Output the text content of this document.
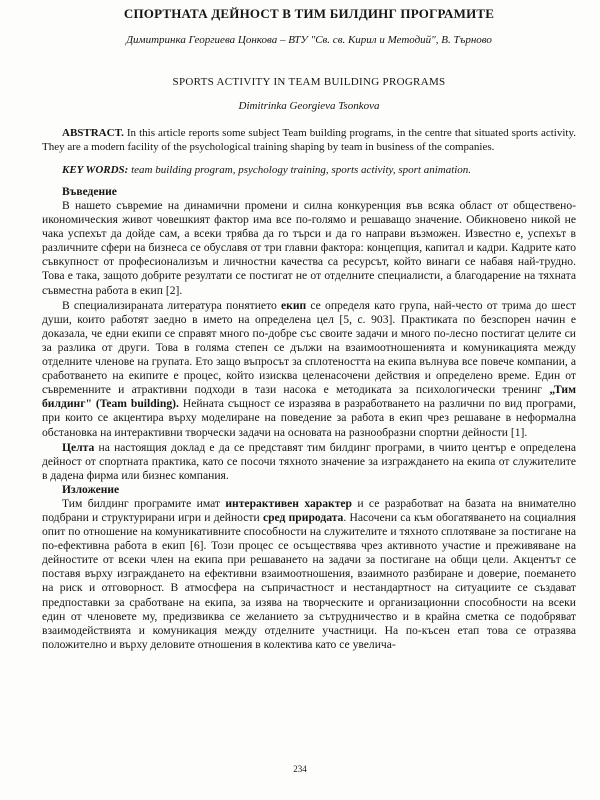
СПОРТНАТА ДЕЙНОСТ В ТИМ БИЛДИНГ ПРОГРАМИТЕ
Димитринка Георгиева Цонкова – ВТУ "Св. св. Кирил и Методий", В. Търново
SPORTS ACTIVITY IN TEAM BUILDING PROGRAMS
Dimitrinka Georgieva Tsonkova

ABSTRACT. In this article reports some subject Team building programs, in the centre that situated sports activity. They are a modern facility of the psychological training shaping by team in business of the companies.

KEY WORDS: team building program, psychology training, sports activity, sport animation.

Въведение

В нашето съвремие на динамични промени и силна конкуренция във всяка област от обществено-икономическия живот човешкият фактор има все по-голямо и решаващо значение. Обикновено никой не чака успехът да дойде сам, а всеки трябва да го търси и да го направи възможен. Известно е, успехът в различните сфери на бизнеса се обуславя от три главни фактора: концепция, капитал и кадри. Кадрите като съвкупност от професионализъм и личностни качества са ресурсът, който винаги се набавя най-трудно. Това е така, защото добрите резултати се постигат не от отделните специалисти, а благодарение на тяхната съвместна работа в екип [2].

В специализираната литература понятието екип се определя като група, най-често от трима до шест души, които работят заедно в името на определена цел [5, с. 903]. Практиката по безспорен начин е доказала, че едни екипи се справят много по-добре със своите задачи и много по-лесно постигат целите си за разлика от други. Това в голяма степен се дължи на взаимоотношенията и комуникацията между отделните членове на групата. Ето защо въпросът за сплотеността на екипа вълнува все повече компании, а сработването на екипите е процес, който изисква целенасочени действия и определено време. Един от съвременните и атрактивни подходи в тази насока е методиката за психологически тренинг „Тим билдинг" (Team building). Нейната същност се изразява в разработването на различни по вид програми, при които се акцентира върху моделиране на поведение за работа в екип чрез решаване в неформална обстановка на интерактивни творчески задачи на основата на разнообразни спортни дейности [1].

Целта на настоящия доклад е да се представят тим билдинг програми, в чиито център е определена дейност от спортната практика, като се посочи тяхното значение за изграждането на екипа от служителите в дадена фирма или бизнес компания.

Изложение

Тим билдинг програмите имат интерактивен характер и се разработват на базата на внимателно подбрани и структурирани игри и дейности сред природата. Насочени са към обогатяването на социалния опит по отношение на комуникативните способности на служителите и тяхното сплотяване за постигане на по-ефективна работа в екип [6]. Този процес се осъществява чрез активното участие и преживяване на дейностите от всеки член на екипа при решаването на задачи за постигане на общи цели. Акцентът се поставя върху изграждането на ефективни взаимоотношения, взаимното разбиране и доверие, поемането на риск и отговорност. В атмосфера на съпричастност и нестандартност на ситуациите се създават предпоставки за сработване на екипа, за изява на творческите и организационни способности на всеки един от членовете му, предизвиква се желанието за сътрудничество и в крайна сметка се подобряват взаимодействията и комуникация между отделните участници. На по-късен етап това се отразява положително и върху деловите отношения в колектива като се увелича-

234
